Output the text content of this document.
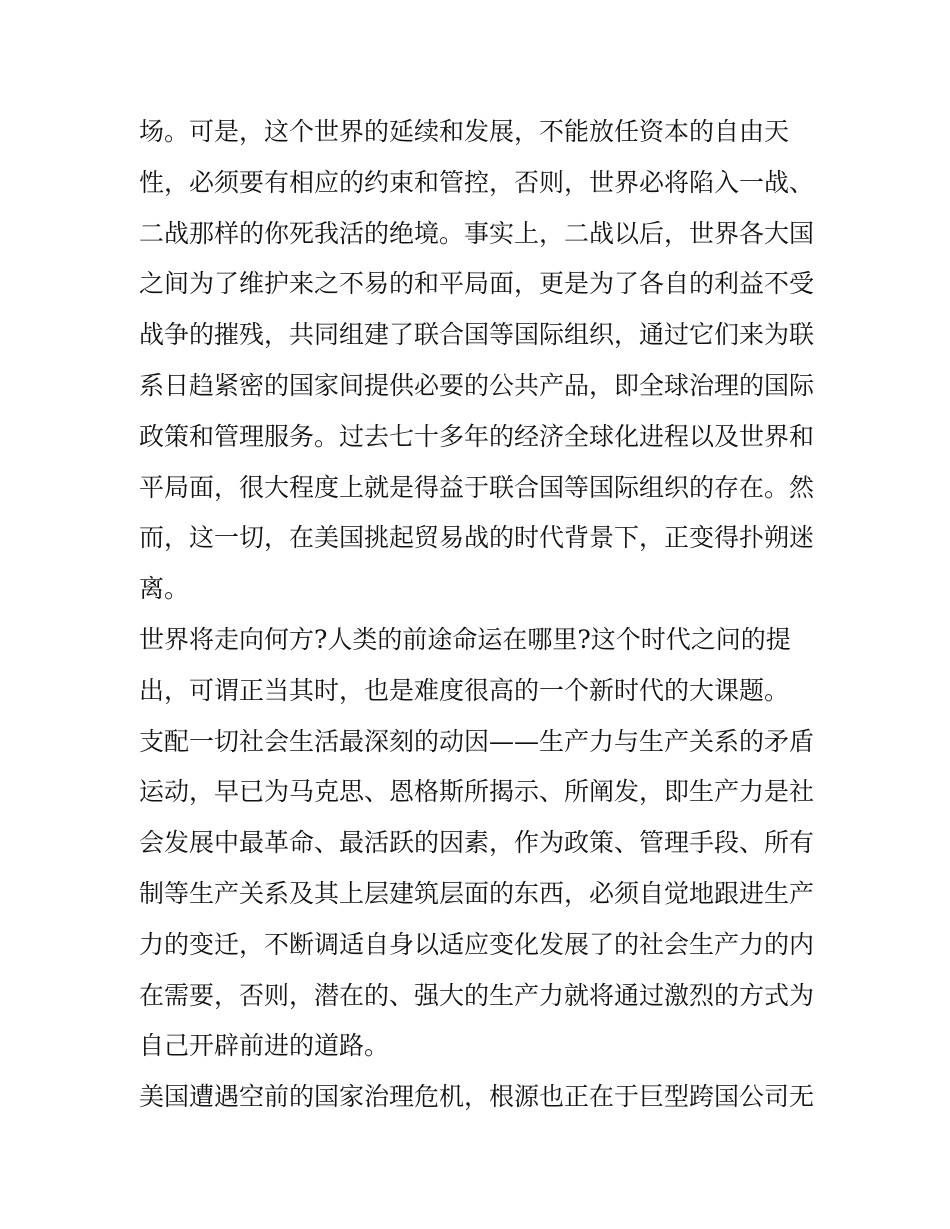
场。可是，这个世界的延续和发展，不能放任资本的自由天
性，必须要有相应的约束和管控，否则，世界必将陷入一战、
二战那样的你死我活的绝境。事实上，二战以后，世界各大国
之间为了维护来之不易的和平局面，更是为了各自的利益不受
战争的摧残，共同组建了联合国等国际组织，通过它们来为联
系日趋紧密的国家间提供必要的公共产品，即全球治理的国际
政策和管理服务。过去七十多年的经济全球化进程以及世界和
平局面，很大程度上就是得益于联合国等国际组织的存在。然
而，这一切，在美国挑起贸易战的时代背景下，正变得扑朔迷
离。
世界将走向何方?人类的前途命运在哪里?这个时代之问的提
出，可谓正当其时，也是难度很高的一个新时代的大课题。
支配一切社会生活最深刻的动因——生产力与生产关系的矛盾
运动，早已为马克思、恩格斯所揭示、所阐发，即生产力是社
会发展中最革命、最活跃的因素，作为政策、管理手段、所有
制等生产关系及其上层建筑层面的东西，必须自觉地跟进生产
力的变迁，不断调适自身以适应变化发展了的社会生产力的内
在需要，否则，潜在的、强大的生产力就将通过激烈的方式为
自己开辟前进的道路。
美国遭遇空前的国家治理危机，根源也正在于巨型跨国公司无
